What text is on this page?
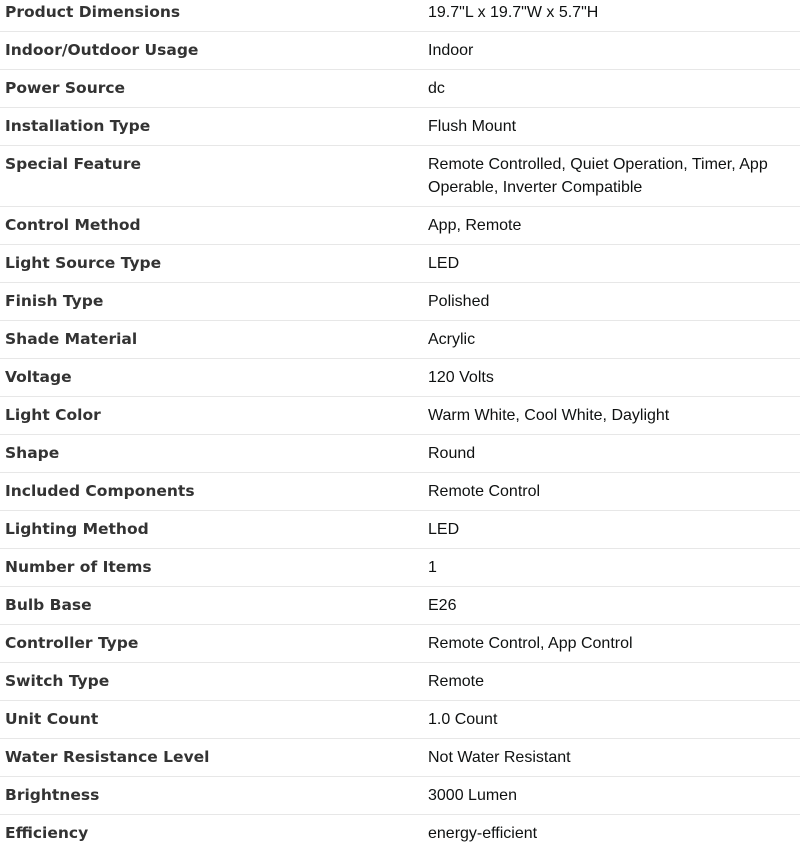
Product Dimensions	19.7"L x 19.7"W x 5.7"H
Indoor/Outdoor Usage	Indoor
Power Source	dc
Installation Type	Flush Mount
Special Feature	Remote Controlled, Quiet Operation, Timer, App Operable, Inverter Compatible
Control Method	App, Remote
Light Source Type	LED
Finish Type	Polished
Shade Material	Acrylic
Voltage	120 Volts
Light Color	Warm White, Cool White, Daylight
Shape	Round
Included Components	Remote Control
Lighting Method	LED
Number of Items	1
Bulb Base	E26
Controller Type	Remote Control, App Control
Switch Type	Remote
Unit Count	1.0 Count
Water Resistance Level	Not Water Resistant
Brightness	3000 Lumen
Efficiency	energy-efficient
